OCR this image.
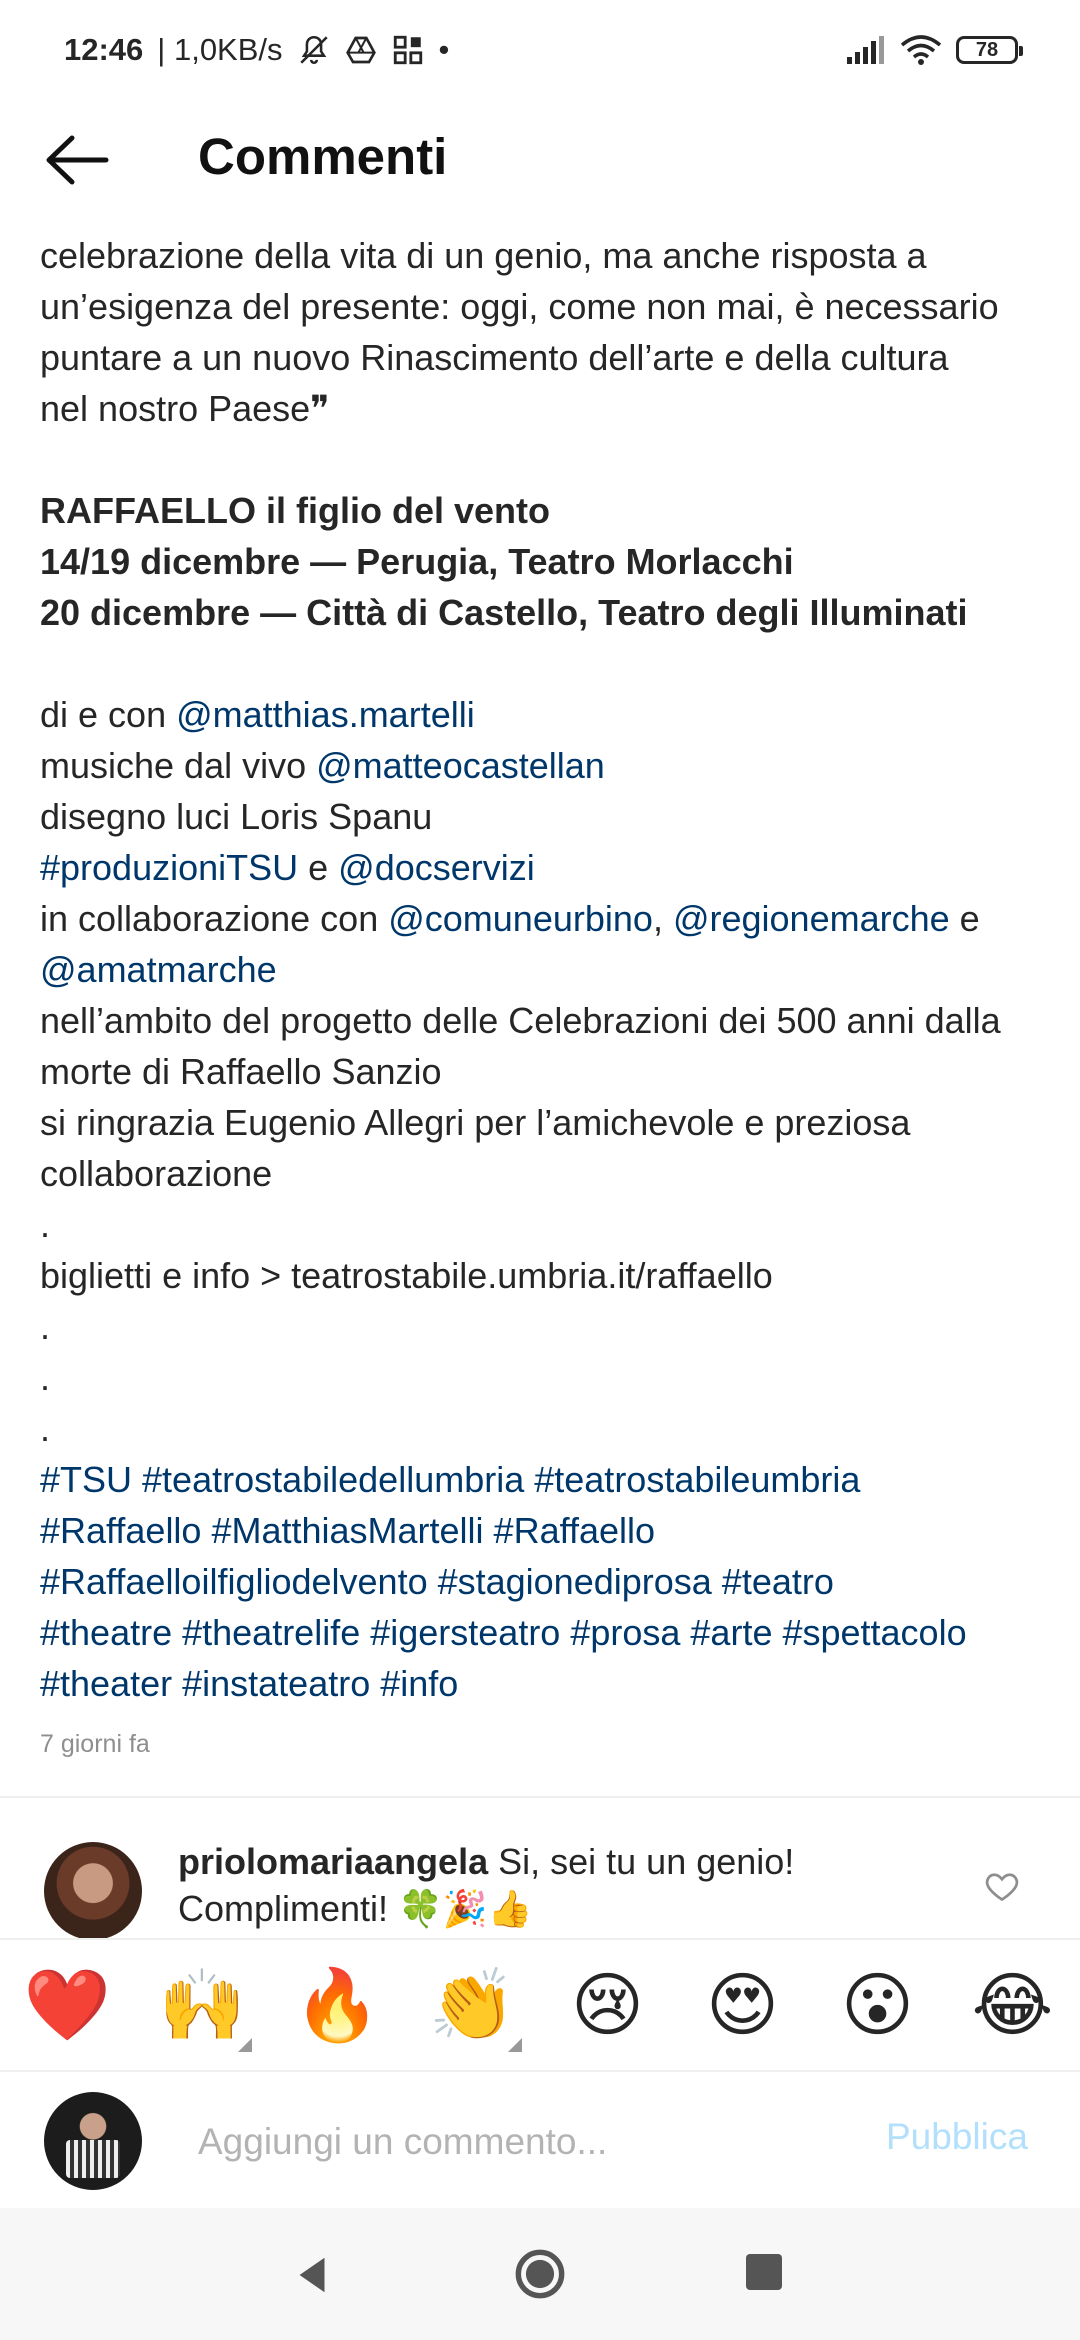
12:46 | 1,0KB/s	•	78
Commenti
celebrazione della vita di un genio, ma anche risposta a
un’esigenza del presente: oggi, come non mai, è necessario
puntare a un nuovo Rinascimento dell’arte e della cultura
nel nostro Paese❞
RAFFAELLO il figlio del vento
14/19 dicembre — Perugia, Teatro Morlacchi
20 dicembre — Città di Castello, Teatro degli Illuminati
di e con @matthias.martelli
musiche dal vivo @matteocastellan
disegno luci Loris Spanu
#produzioniTSU e @docservizi
in collaborazione con @comuneurbino, @regionemarche e
@amatmarche
nell’ambito del progetto delle Celebrazioni dei 500 anni dalla
morte di Raffaello Sanzio
si ringrazia Eugenio Allegri per l’amichevole e preziosa
collaborazione
.
biglietti e info > teatrostabile.umbria.it/raffaello
.
.
.
#TSU #teatrostabiledellumbria #teatrostabileumbria
#Raffaello #MatthiasMartelli #Raffaello
#Raffaelloilfigliodelvento #stagionediprosa #teatro
#theatre #theatrelife #igersteatro #prosa #arte #spettacolo
#theater #instateatro #info
7 giorni fa
priolomariaangela Si, sei tu un genio!
Complimenti! 🍀🎉👍
❤️ 🙌 🔥 👏 😢 😍 😮 😂
Aggiungi un commento...
Pubblica
